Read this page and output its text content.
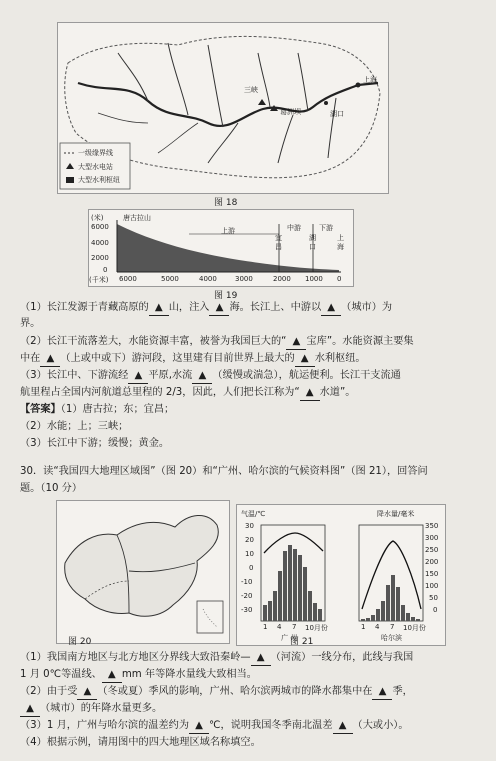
一级缘界线
大型水电站
大型水利枢纽
三峡
葛洲坝
上海
湖口
图 18
(米)	唐古拉山
6000
4000
2000
0
上游	中游	下游
宜昌
湖口
上海
(千米) 6000	5000	4000	3000	2000 1000 0
图 19
（1）长江发源于青藏高原的 ▲ 山，注入 ▲ 海。长江上、中游以 ▲ （城市）为
界。
（2）长江干流落差大，水能资源丰富，被誉为我国巨大的“ ▲ 宝库”。水能资源主要集
中在 ▲ （上或中或下）游河段，这里建有目前世界上最大的 ▲ 水利枢纽。
（3）长江中、下游流经 ▲ 平原,水流 ▲ （缓慢或湍急），航运便利。长江干支流通
航里程占全国内河航道总里程的 2/3，因此，人们把长江称为“ ▲ 水道”。
【答案】（1）唐古拉；东；宜昌；
（2）水能；上；三峡；
（3）长江中下游；缓慢；黄金。
30．读“我国四大地理区域图”（图 20）和“广州、哈尔滨的气候资料图”（图 21），回答问
题。（10 分）
图 20
气温/℃	降水量/毫米
30
20
10
0
-10
-20
-30
350
300
250
200
150
100
50
0
1 4 7 10月份	1 4 7 10月份
广 州	哈尔滨
图 21
（1）我国南方地区与北方地区分界线大致沿秦岭— ▲ （河流）一线分布，此线与我国
1 月 0℃等温线、 ▲ mm 年等降水量线大致相当。
（2）由于受 ▲ （冬或夏）季风的影响，广州、哈尔滨两城市的降水都集中在 ▲ 季，
▲ （城市）的年降水量更多。
（3）1 月，广州与哈尔滨的温差约为 ▲ ℃，说明我国冬季南北温差 ▲ （大或小）。
（4）根据示例，请用图中的四大地理区域名称填空。
